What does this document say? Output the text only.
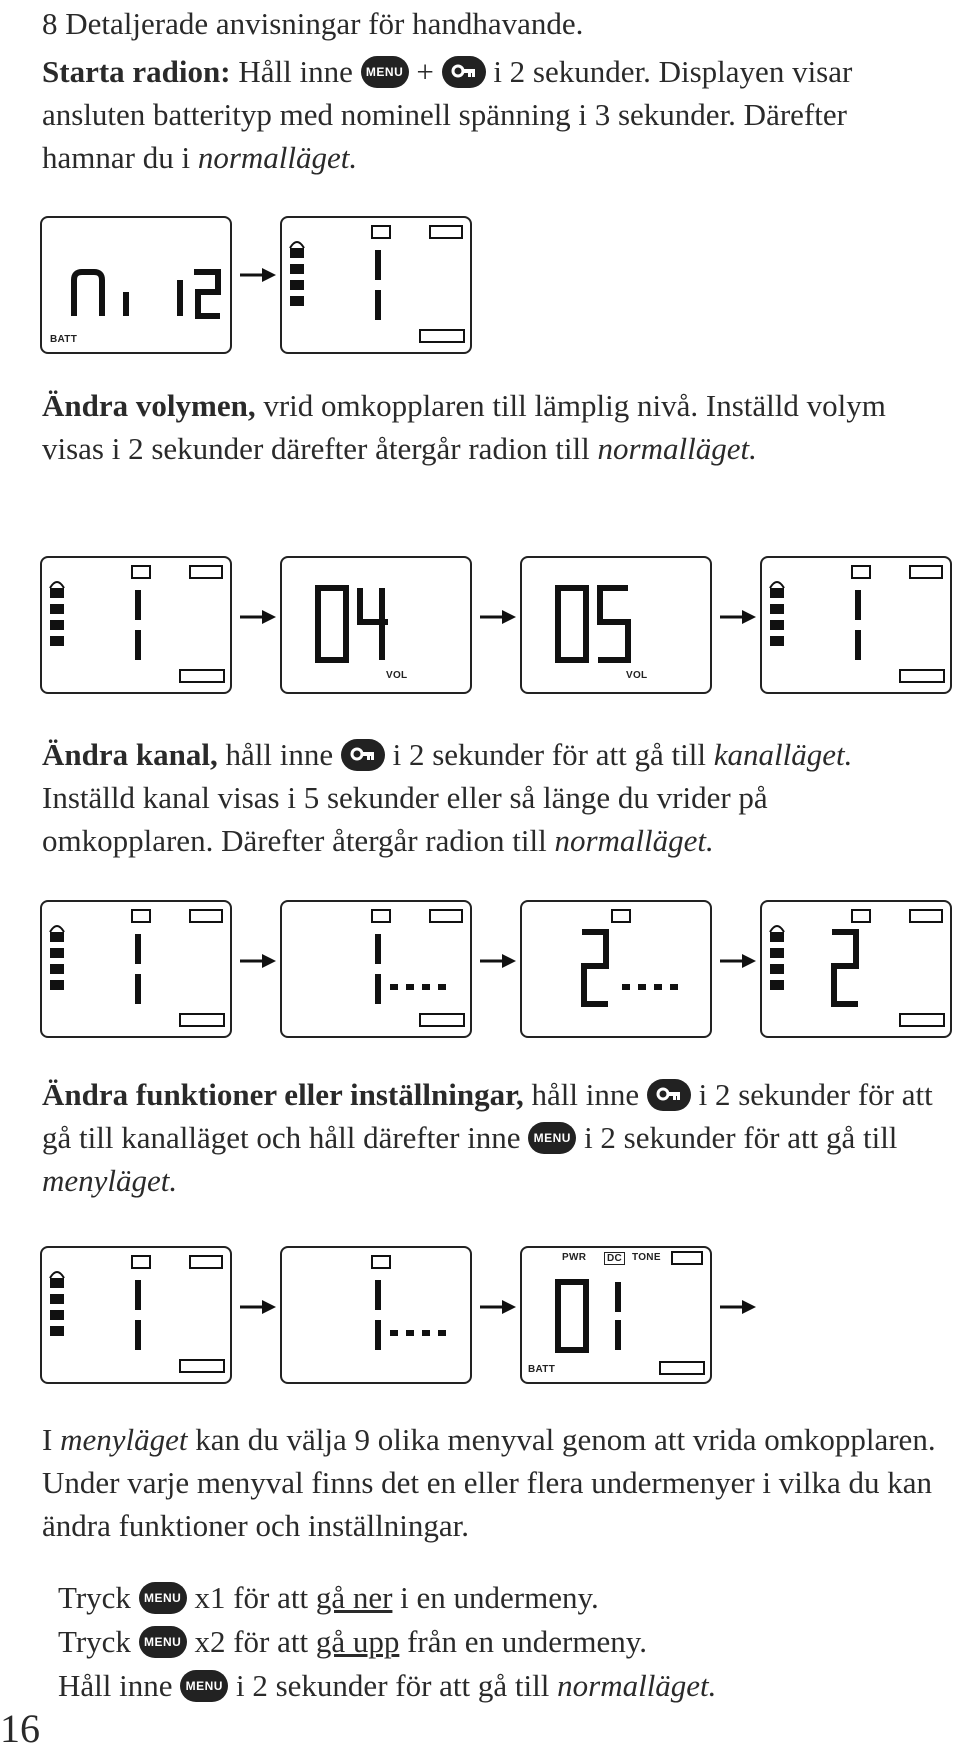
8 Detaljerade anvisningar för handhavande.

Starta radion: Håll inne MENU +
i 2 sekunder. Displayen visar ansluten batterityp med nominell spänning i 3 sekunder. Därefter hamnar du i normalläget.

BATT

Ändra volymen, vrid omkopplaren till lämplig nivå. Inställd volym visas i 2 sekunder därefter återgår radion till normalläget.

VOL	VOL

Ändra kanal, håll inne
i 2 sekunder för att gå till kanalläget. Inställd kanal visas i 5 sekunder eller så länge du vrider på omkopplaren. Därefter återgår radion till normalläget.

Ändra funktioner eller inställningar, håll inne
i 2 sekunder för att gå till kanalläget och håll därefter inne MENU i 2 sekunder för att gå till menyläget.

BATT
PWR	DC TONE

I menyläget kan du välja 9 olika menyval genom att vrida omkopplaren. Under varje menyval finns det en eller flera undermenyer i vilka du kan ändra funktioner och inställningar.

Tryck MENU x1 för att gå ner i en undermeny.

Tryck MENU x2 för att gå upp från en undermeny.

Håll inne MENU i 2 sekunder för att gå till normalläget.

16
